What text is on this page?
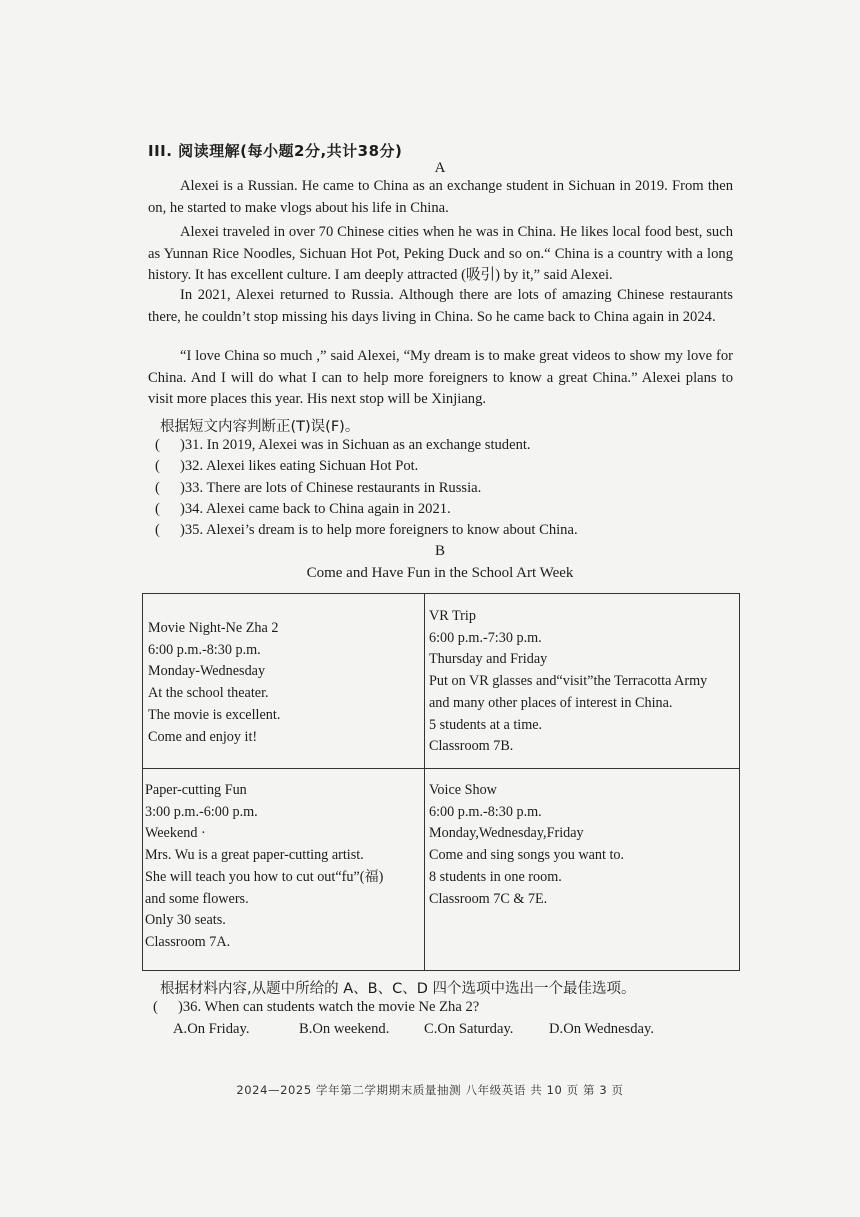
III. 阅读理解(每小题2分,共计38分)
A
Alexei is a Russian. He came to China as an exchange student in Sichuan in 2019. From then on, he started to make vlogs about his life in China.
Alexei traveled in over 70 Chinese cities when he was in China. He likes local food best, such as Yunnan Rice Noodles, Sichuan Hot Pot, Peking Duck and so on.“ China is a country with a long history. It has excellent culture. I am deeply attracted (吸引) by it,” said Alexei.
In 2021, Alexei returned to Russia. Although there are lots of amazing Chinese restaurants there, he couldn’t stop missing his days living in China. So he came back to China again in 2024.
“I love China so much ,” said Alexei, “My dream is to make great videos to show my love for China. And I will do what I can to help more foreigners to know a great China.” Alexei plans to visit more places this year. His next stop will be Xinjiang.
根据短文内容判断正(T)误(F)。
( )31. In 2019, Alexei was in Sichuan as an exchange student.
( )32. Alexei likes eating Sichuan Hot Pot.
( )33. There are lots of Chinese restaurants in Russia.
( )34. Alexei came back to China again in 2021.
( )35. Alexei’s dream is to help more foreigners to know about China.
B
Come and Have Fun in the School Art Week
Movie Night-Ne Zha 2
6:00 p.m.-8:30 p.m.
Monday-Wednesday
At the school theater.
The movie is excellent.
Come and enjoy it!
VR Trip
6:00 p.m.-7:30 p.m.
Thursday and Friday
Put on VR glasses and“visit”the Terracotta Army
and many other places of interest in China.
5 students at a time.
Classroom 7B.
Paper-cutting Fun
3:00 p.m.-6:00 p.m.
Weekend ·
Mrs. Wu is a great paper-cutting artist.
She will teach you how to cut out“fu”(福)
and some flowers.
Only 30 seats.
Classroom 7A.
Voice Show
6:00 p.m.-8:30 p.m.
Monday,Wednesday,Friday
Come and sing songs you want to.
8 students in one room.
Classroom 7C & 7E.
根据材料内容,从题中所给的 A、B、C、D 四个选项中选出一个最佳选项。
( )36. When can students watch the movie Ne Zha 2?
A.On Friday.	B.On weekend. C.On Saturday. D.On Wednesday.
2024—2025 学年第二学期期末质量抽测 八年级英语 共 10 页 第 3 页
